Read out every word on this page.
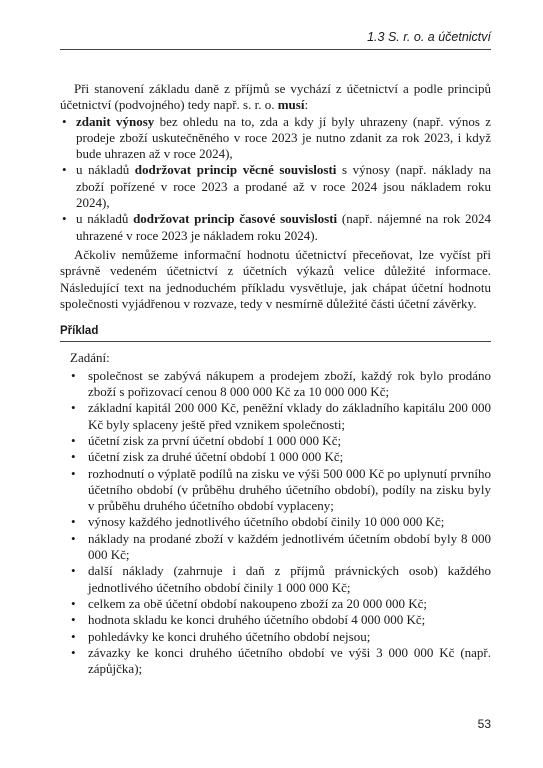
1.3 S. r. o. a účetnictví

Při stanovení základu daně z příjmů se vychází z účetnictví a podle principů účetnictví (podvojného) tedy např. s. r. o. musí:

• zdanit výnosy bez ohledu na to, zda a kdy jí byly uhrazeny (např. výnos z prodeje zboží uskutečněného v roce 2023 je nutno zdanit za rok 2023, i když bude uhrazen až v roce 2024),
• u nákladů dodržovat princip věcné souvislosti s výnosy (např. náklady na zboží pořízené v roce 2023 a prodané až v roce 2024 jsou nákladem roku 2024),
• u nákladů dodržovat princip časové souvislosti (např. nájemné na rok 2024 uhrazené v roce 2023 je nákladem roku 2024).

Ačkoliv nemůžeme informační hodnotu účetnictví přeceňovat, lze vyčíst při správně vedeném účetnictví z účetních výkazů velice důležité informace. Následující text na jednoduchém příkladu vysvětluje, jak chápat účetní hodnotu společnosti vyjádřenou v rozvaze, tedy v nesmírně důležité části účetní závěrky.

Příklad

Zadání:

• společnost se zabývá nákupem a prodejem zboží, každý rok bylo prodáno zboží s pořizovací cenou 8 000 000 Kč za 10 000 000 Kč;
• základní kapitál 200 000 Kč, peněžní vklady do základního kapitálu 200 000 Kč byly splaceny ještě před vznikem společnosti;
• účetní zisk za první účetní období 1 000 000 Kč;
• účetní zisk za druhé účetní období 1 000 000 Kč;
• rozhodnutí o výplatě podílů na zisku ve výši 500 000 Kč po uplynutí prvního účetního období (v průběhu druhého účetního období), podíly na zisku byly v průběhu druhého účetního období vyplaceny;
• výnosy každého jednotlivého účetního období činily 10 000 000 Kč;
• náklady na prodané zboží v každém jednotlivém účetním období byly 8 000 000 Kč;
• další náklady (zahrnuje i daň z příjmů právnických osob) každého jednotlivého účetního období činily 1 000 000 Kč;
• celkem za obě účetní období nakoupeno zboží za 20 000 000 Kč;
• hodnota skladu ke konci druhého účetního období 4 000 000 Kč;
• pohledávky ke konci druhého účetního období nejsou;
• závazky ke konci druhého účetního období ve výši 3 000 000 Kč (např. zápůjčka);
53
